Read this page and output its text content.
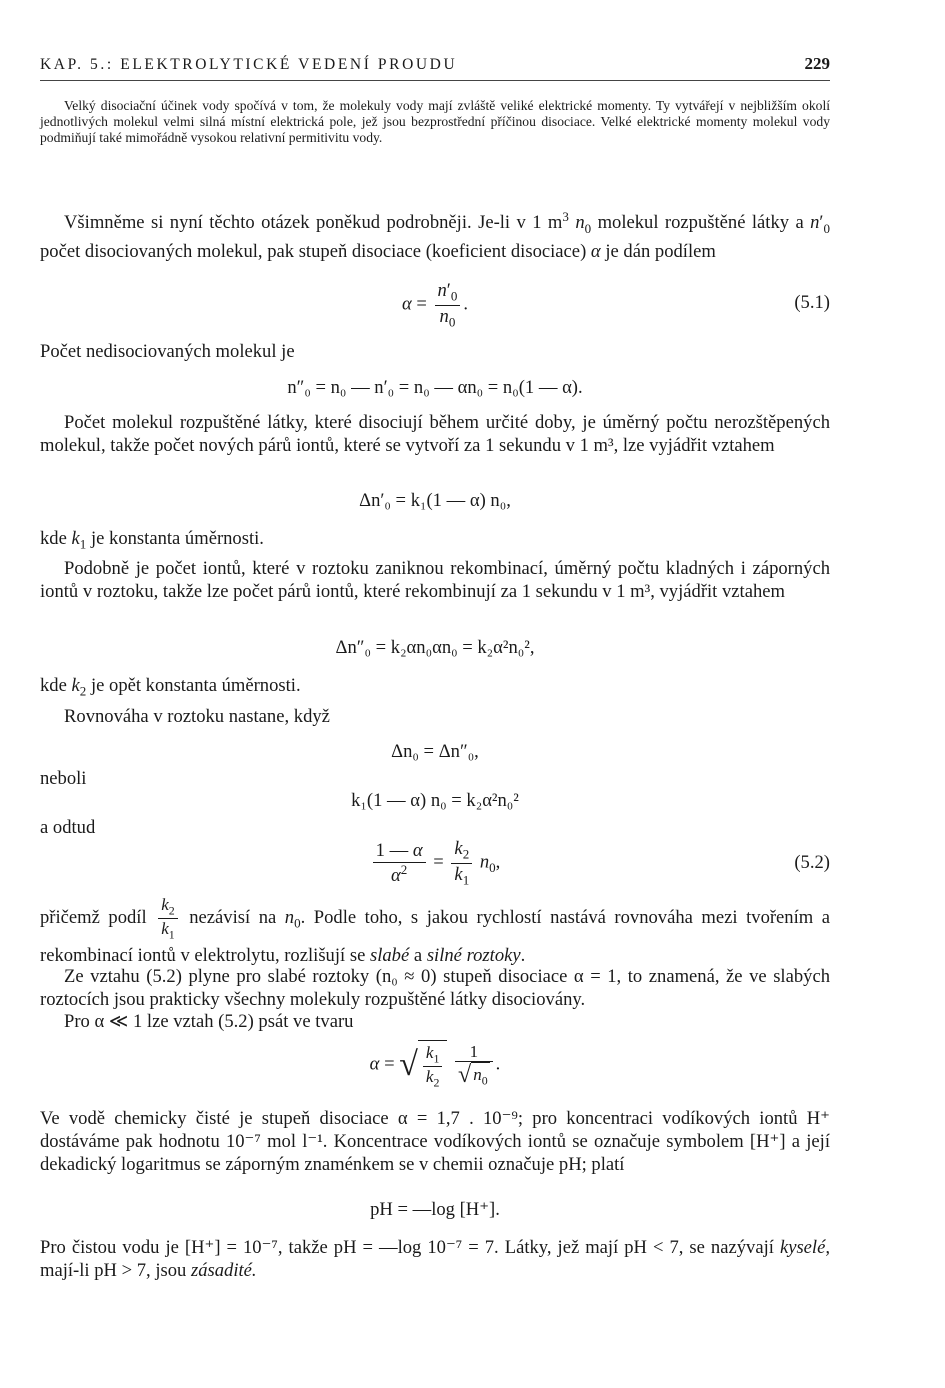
KAP. 5.: ELEKTROLYTICKÉ VEDENÍ PROUDU	229

Velký disociační účinek vody spočívá v tom, že molekuly vody mají zvláště veliké elektrické momenty. Ty vytvářejí v nejbližším okolí jednotlivých molekul velmi silná místní elektrická pole, jež jsou bezprostřední příčinou disociace. Velké elektrické momenty molekul vody podmiňují také mimořádně vysokou relativní permitivitu vody.

Všimněme si nyní těchto otázek poněkud podrobněji. Je-li v 1 $m^3$ $n_0$ molekul rozpuštěné látky a $n'_0$ počet disociovaných molekul, pak stupeň disociace (koeficient disociace) α je dán podílem

$\alpha = \frac{n'_0}{n_0}$ .	(5.1)
Počet nedisociovaných molekul je
n″₀ = n₀ — n′₀ = n₀ — αn₀ = n₀(1 — α).

Počet molekul rozpuštěné látky, které disociují během určité doby, je úměrný počtu nerozštěpených molekul, takže počet nových párů iontů, které se vytvoří za 1 sekundu v 1 m³, lze vyjádřit vztahem

Δn′₀ = k₁(1 — α) n₀,
kde $k_1$ je konstanta úměrnosti.

Podobně je počet iontů, které v roztoku zaniknou rekombinací, úměrný počtu kladných i záporných iontů v roztoku, takže lze počet párů iontů, které rekombinují za 1 sekundu v 1 m³, vyjádřit vztahem

Δn″₀ = k₂αn₀αn₀ = k₂α²n₀²,
kde $k_2$ je opět konstanta úměrnosti.
Rovnováha v roztoku nastane, když
Δn₀ = Δn″₀,
neboli
k₁(1 — α) n₀ = k₂α²n₀²
a odtud
$\frac{1 — \alpha}{\alpha^2} = \frac{k_2}{k_1} n_0$,	(5.2)

přičemž podíl $\frac{k_2}{k_1}$ nezávisí na $n_0$. Podle toho, s jakou rychlostí nastává rovnováha mezi tvořením a rekombinací iontů v elektrolytu, rozlišují se slabé a silné roztoky.

Ze vztahu (5.2) plyne pro slabé roztoky (n₀ ≈ 0) stupeň disociace α = 1, to znamená, že ve slabých roztocích jsou prakticky všechny molekuly rozpuštěné látky disociovány.

Pro α ≪ 1 lze vztah (5.2) psát ve tvaru
α = √ $\frac{k_1}{k_2}$
$\frac{1}{√ n_0}$ .

Ve vodě chemicky čisté je stupeň disociace α = 1,7 . 10⁻⁹; pro koncentraci vodíkových iontů H⁺ dostáváme pak hodnotu 10⁻⁷ mol l⁻¹. Koncentrace vodíkových iontů se označuje symbolem [H⁺] a její dekadický logaritmus se záporným znaménkem se v chemii označuje pH; platí

pH = —log [H⁺].

Pro čistou vodu je [H⁺] = 10⁻⁷, takže pH = —log 10⁻⁷ = 7. Látky, jež mají pH < 7, se nazývají kyselé, mají-li pH > 7, jsou zásadité.
